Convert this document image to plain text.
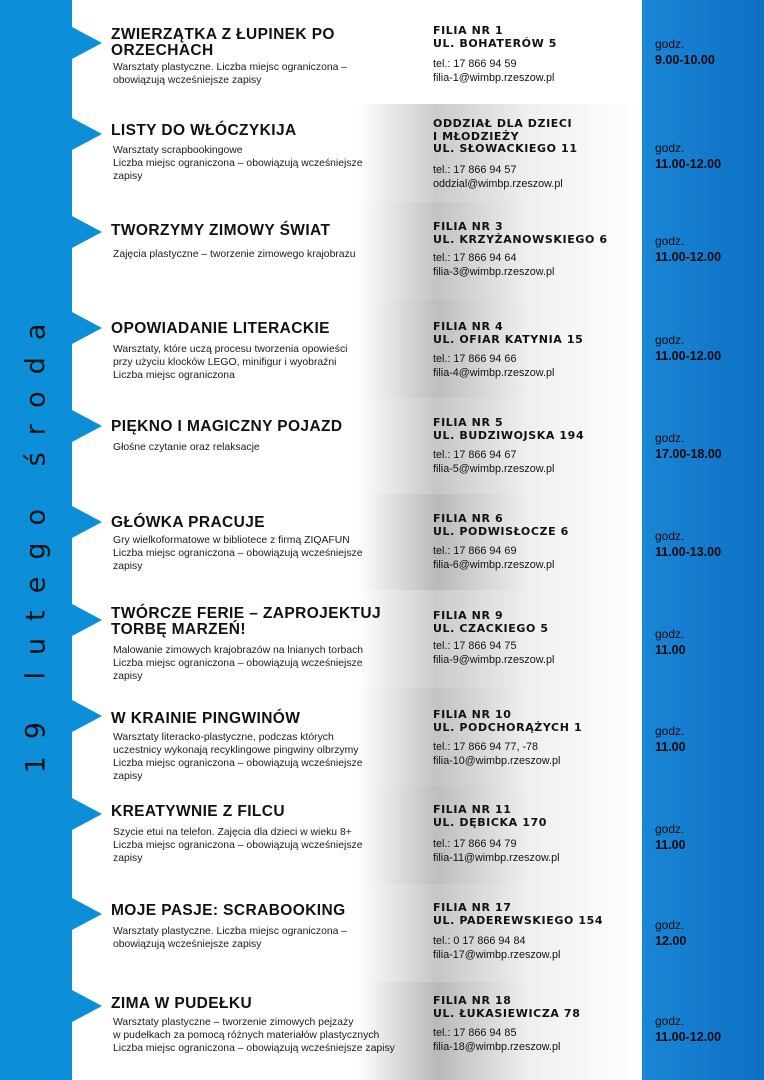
19 lutego środa
ZWIERZĄTKA Z ŁUPINEK PO
ORZECHACH
Warsztaty plastyczne. Liczba miejsc ograniczona –
obowiązują wcześniejsze zapisy
FILIA NR 1
UL. BOHATERÓW 5
tel.: 17 866 94 59
filia-1@wimbp.rzeszow.pl
godz.
9.00-10.00
LISTY DO WŁÓCZYKIJA
Warsztaty scrapbookingowe
Liczba miejsc ograniczona – obowiązują wcześniejsze
zapisy
ODDZIAŁ DLA DZIECI
I MŁODZIEŻY
UL. SŁOWACKIEGO 11
tel.: 17 866 94 57
oddzial@wimbp.rzeszow.pl
godz.
11.00-12.00
TWORZYMY ZIMOWY ŚWIAT
Zajęcia plastyczne – tworzenie zimowego krajobrazu
FILIA NR 3
UL. KRZYŻANOWSKIEGO 6
tel.: 17 866 94 64
filia-3@wimbp.rzeszow.pl
godz.
11.00-12.00
OPOWIADANIE LITERACKIE
Warsztaty, które uczą procesu tworzenia opowieści
przy użyciu klocków LEGO, minifigur i wyobraźni
Liczba miejsc ograniczona
FILIA NR 4
UL. OFIAR KATYNIA 15
tel.: 17 866 94 66
filia-4@wimbp.rzeszow.pl
godz.
11.00-12.00
PIĘKNO I MAGICZNY POJAZD
Głośne czytanie oraz relaksacje
FILIA NR 5
UL. BUDZIWOJSKA 194
tel.: 17 866 94 67
filia-5@wimbp.rzeszow.pl
godz.
17.00-18.00
GŁÓWKA PRACUJE
Gry wielkoformatowe w bibliotece z firmą ZIQAFUN
Liczba miejsc ograniczona – obowiązują wcześniejsze
zapisy
FILIA NR 6
UL. PODWISŁOCZE 6
tel.: 17 866 94 69
filia-6@wimbp.rzeszow.pl
godz.
11.00-13.00
TWÓRCZE FERIE – ZAPROJEKTUJ
TORBĘ MARZEŃ!
Malowanie zimowych krajobrazów na lnianych torbach
Liczba miejsc ograniczona – obowiązują wcześniejsze
zapisy
FILIA NR 9
UL. CZACKIEGO 5
tel.: 17 866 94 75
filia-9@wimbp.rzeszow.pl
godz.
11.00
W KRAINIE PINGWINÓW
Warsztaty literacko-plastyczne, podczas których
uczestnicy wykonają recyklingowe pingwiny olbrzymy
Liczba miejsc ograniczona – obowiązują wcześniejsze
zapisy
FILIA NR 10
UL. PODCHORĄŻYCH 1
tel.: 17 866 94 77, -78
filia-10@wimbp.rzeszow.pl
godz.
11.00
KREATYWNIE Z FILCU
Szycie etui na telefon. Zajęcia dla dzieci w wieku 8+
Liczba miejsc ograniczona – obowiązują wcześniejsze
zapisy
FILIA NR 11
UL. DĘBICKA 170
tel.: 17 866 94 79
filia-11@wimbp.rzeszow.pl
godz.
11.00
MOJE PASJE: SCRABOOKING
Warsztaty plastyczne. Liczba miejsc ograniczona –
obowiązują wcześniejsze zapisy
FILIA NR 17
UL. PADEREWSKIEGO 154
tel.: 0 17 866 94 84
filia-17@wimbp.rzeszow.pl
godz.
12.00
ZIMA W PUDEŁKU
Warsztaty plastyczne – tworzenie zimowych pejzaży
w pudełkach za pomocą różnych materiałów plastycznych
Liczba miejsc ograniczona – obowiązują wcześniejsze zapisy
FILIA NR 18
UL. ŁUKASIEWICZA 78
tel.: 17 866 94 85
filia-18@wimbp.rzeszow.pl
godz.
11.00-12.00
